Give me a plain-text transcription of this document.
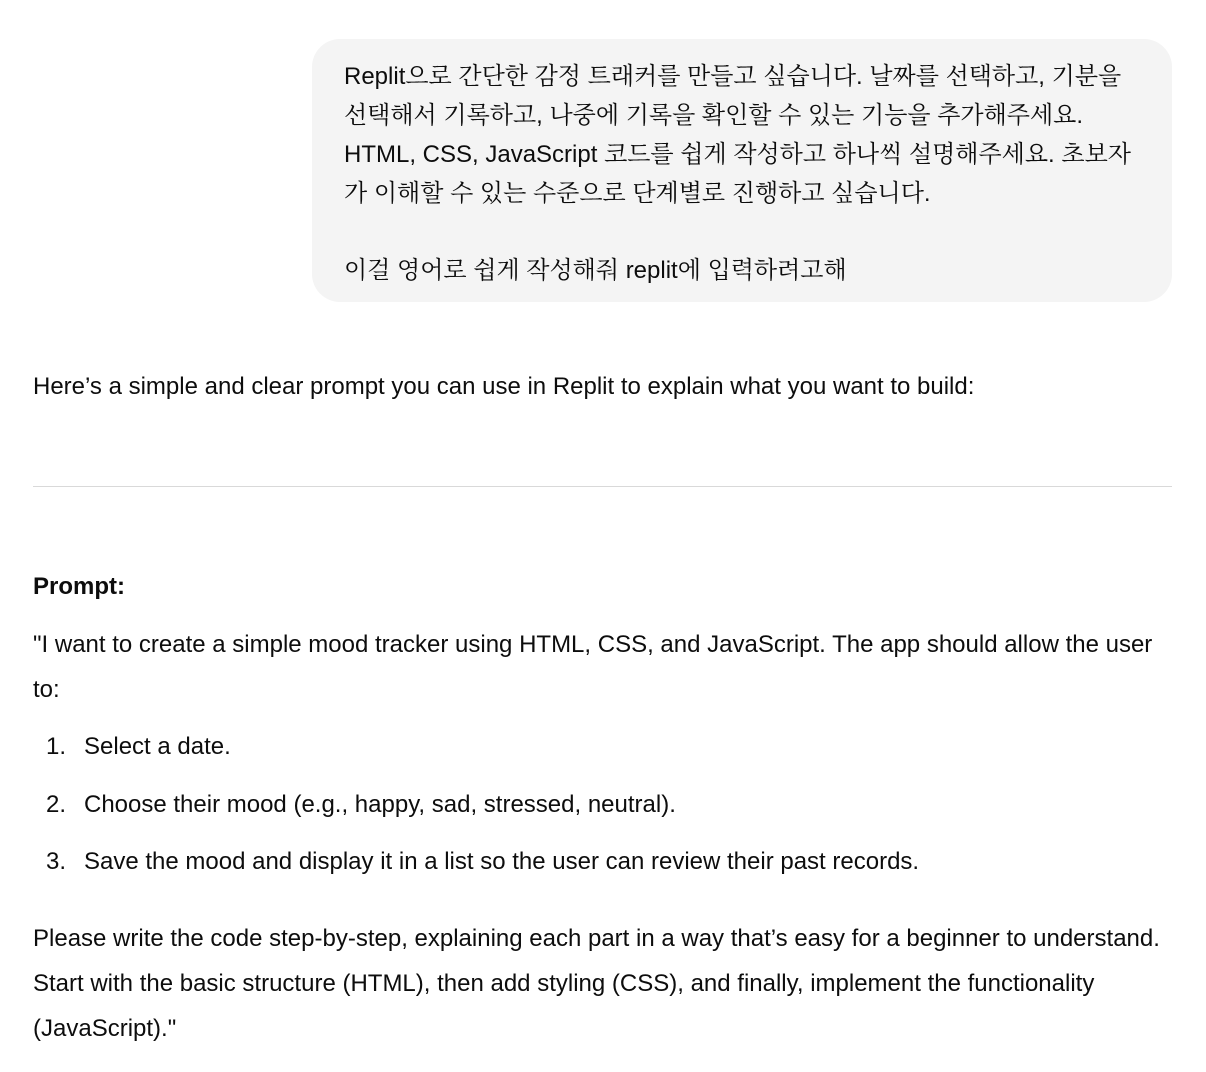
Replit으로 간단한 감정 트래커를 만들고 싶습니다. 날짜를 선택하고, 기분을 선택해서 기록하고, 나중에 기록을 확인할 수 있는 기능을 추가해주세요. HTML, CSS, JavaScript 코드를 쉽게 작성하고 하나씩 설명해주세요. 초보자가 이해할 수 있는 수준으로 단계별로 진행하고 싶습니다.

이걸 영어로 쉽게 작성해줘 replit에 입력하려고해

Here’s a simple and clear prompt you can use in Replit to explain what you want to build:

Prompt:

"I want to create a simple mood tracker using HTML, CSS, and JavaScript. The app should allow the user to:

1. Select a date.
2. Choose their mood (e.g., happy, sad, stressed, neutral).
3. Save the mood and display it in a list so the user can review their past records.

Please write the code step-by-step, explaining each part in a way that’s easy for a beginner to understand. Start with the basic structure (HTML), then add styling (CSS), and finally, implement the functionality (JavaScript)."
